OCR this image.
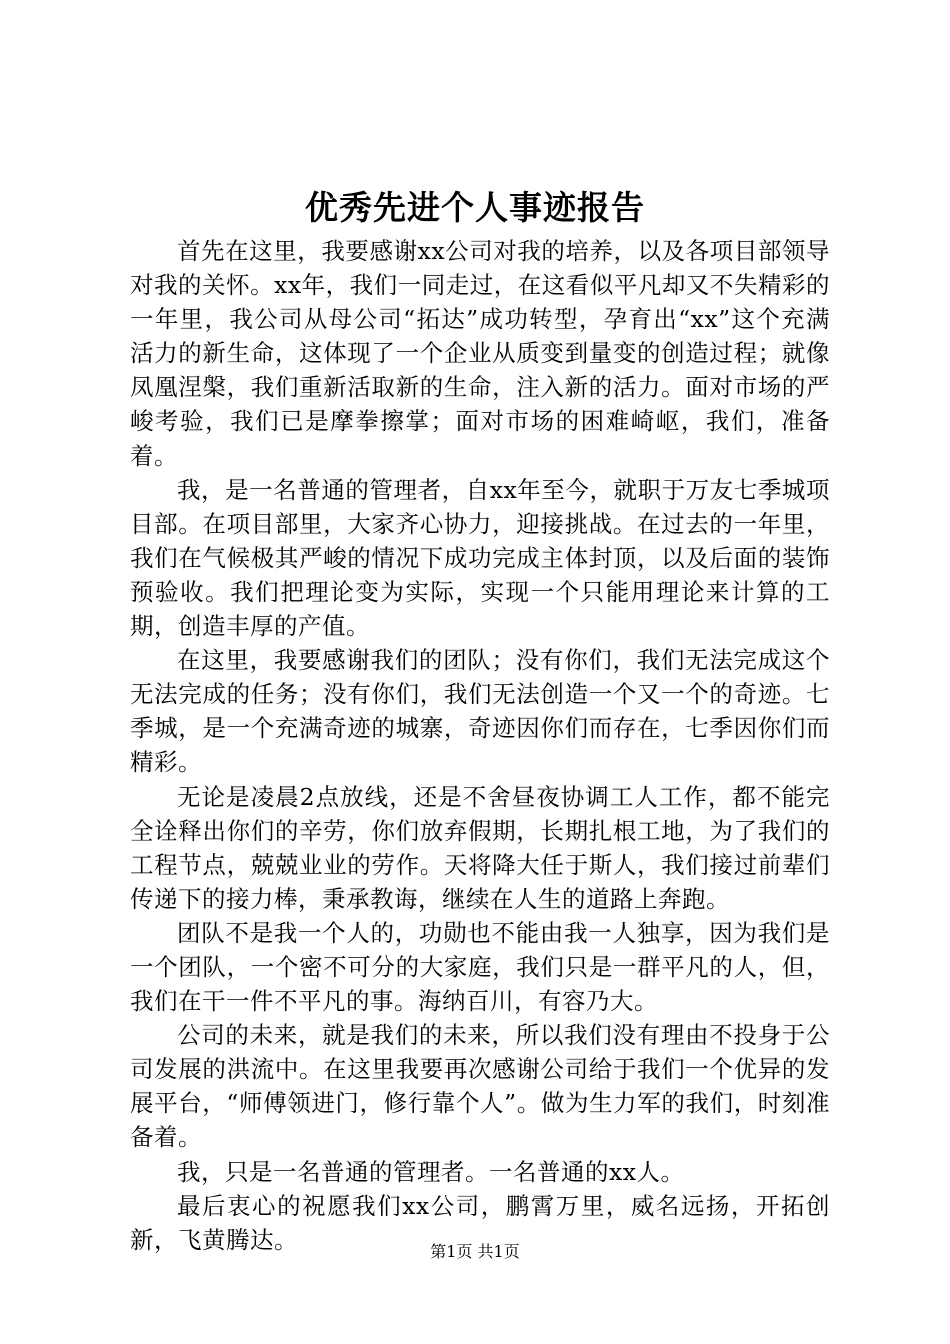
优秀先进个人事迹报告

首先在这里，我要感谢xx公司对我的培养，以及各项目部领导对我的关怀。xx年，我们一同走过，在这看似平凡却又不失精彩的一年里，我公司从母公司“拓达”成功转型，孕育出“xx”这个充满活力的新生命，这体现了一个企业从质变到量变的创造过程；就像凤凰涅槃，我们重新活取新的生命，注入新的活力。面对市场的严峻考验，我们已是摩拳擦掌；面对市场的困难崎岖，我们，准备着。

我，是一名普通的管理者，自xx年至今，就职于万友七季城项目部。在项目部里，大家齐心协力，迎接挑战。在过去的一年里，我们在气候极其严峻的情况下成功完成主体封顶，以及后面的装饰预验收。我们把理论变为实际，实现一个只能用理论来计算的工期，创造丰厚的产值。

在这里，我要感谢我们的团队；没有你们，我们无法完成这个无法完成的任务；没有你们，我们无法创造一个又一个的奇迹。七季城，是一个充满奇迹的城寨，奇迹因你们而存在，七季因你们而精彩。

无论是凌晨2点放线，还是不舍昼夜协调工人工作，都不能完全诠释出你们的辛劳，你们放弃假期，长期扎根工地，为了我们的工程节点，兢兢业业的劳作。天将降大任于斯人，我们接过前辈们传递下的接力棒，秉承教诲，继续在人生的道路上奔跑。

团队不是我一个人的，功勋也不能由我一人独享，因为我们是一个团队，一个密不可分的大家庭，我们只是一群平凡的人，但，我们在干一件不平凡的事。海纳百川，有容乃大。

公司的未来，就是我们的未来，所以我们没有理由不投身于公司发展的洪流中。在这里我要再次感谢公司给于我们一个优异的发展平台，“师傅领进门，修行靠个人”。做为生力军的我们，时刻准备着。

我，只是一名普通的管理者。一名普通的xx人。

最后衷心的祝愿我们xx公司，鹏霄万里，威名远扬，开拓创新，飞黄腾达。	第1页 共1页
